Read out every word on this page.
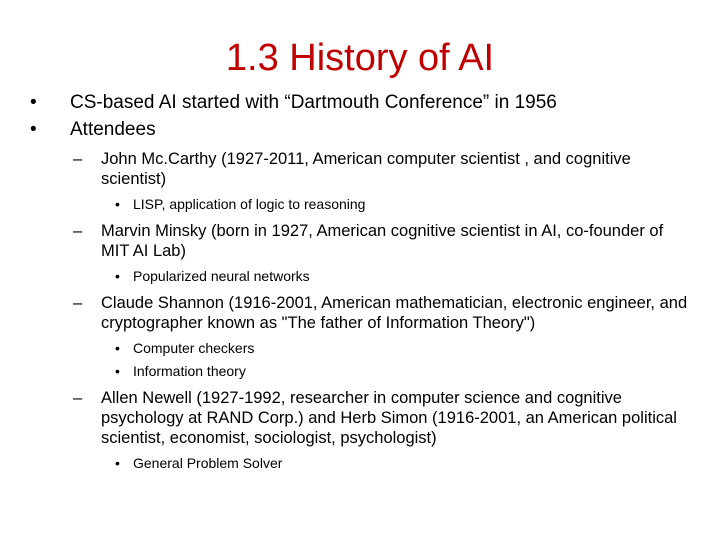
1.3 History of AI
• CS-based AI started with “Dartmouth Conference” in 1956
• Attendees
– John Mc.Carthy (1927-2011, American computer scientist , and cognitive scientist)
• LISP, application of logic to reasoning
– Marvin Minsky (born in 1927, American cognitive scientist in AI, co-founder of MIT AI Lab)
• Popularized neural networks
– Claude Shannon (1916-2001, American mathematician, electronic engineer, and cryptographer known as "The father of Information Theory")
• Computer checkers
• Information theory
– Allen Newell (1927-1992, researcher in computer science and cognitive psychology at RAND Corp.) and Herb Simon (1916-2001, an American political scientist, economist, sociologist, psychologist)
• General Problem Solver
